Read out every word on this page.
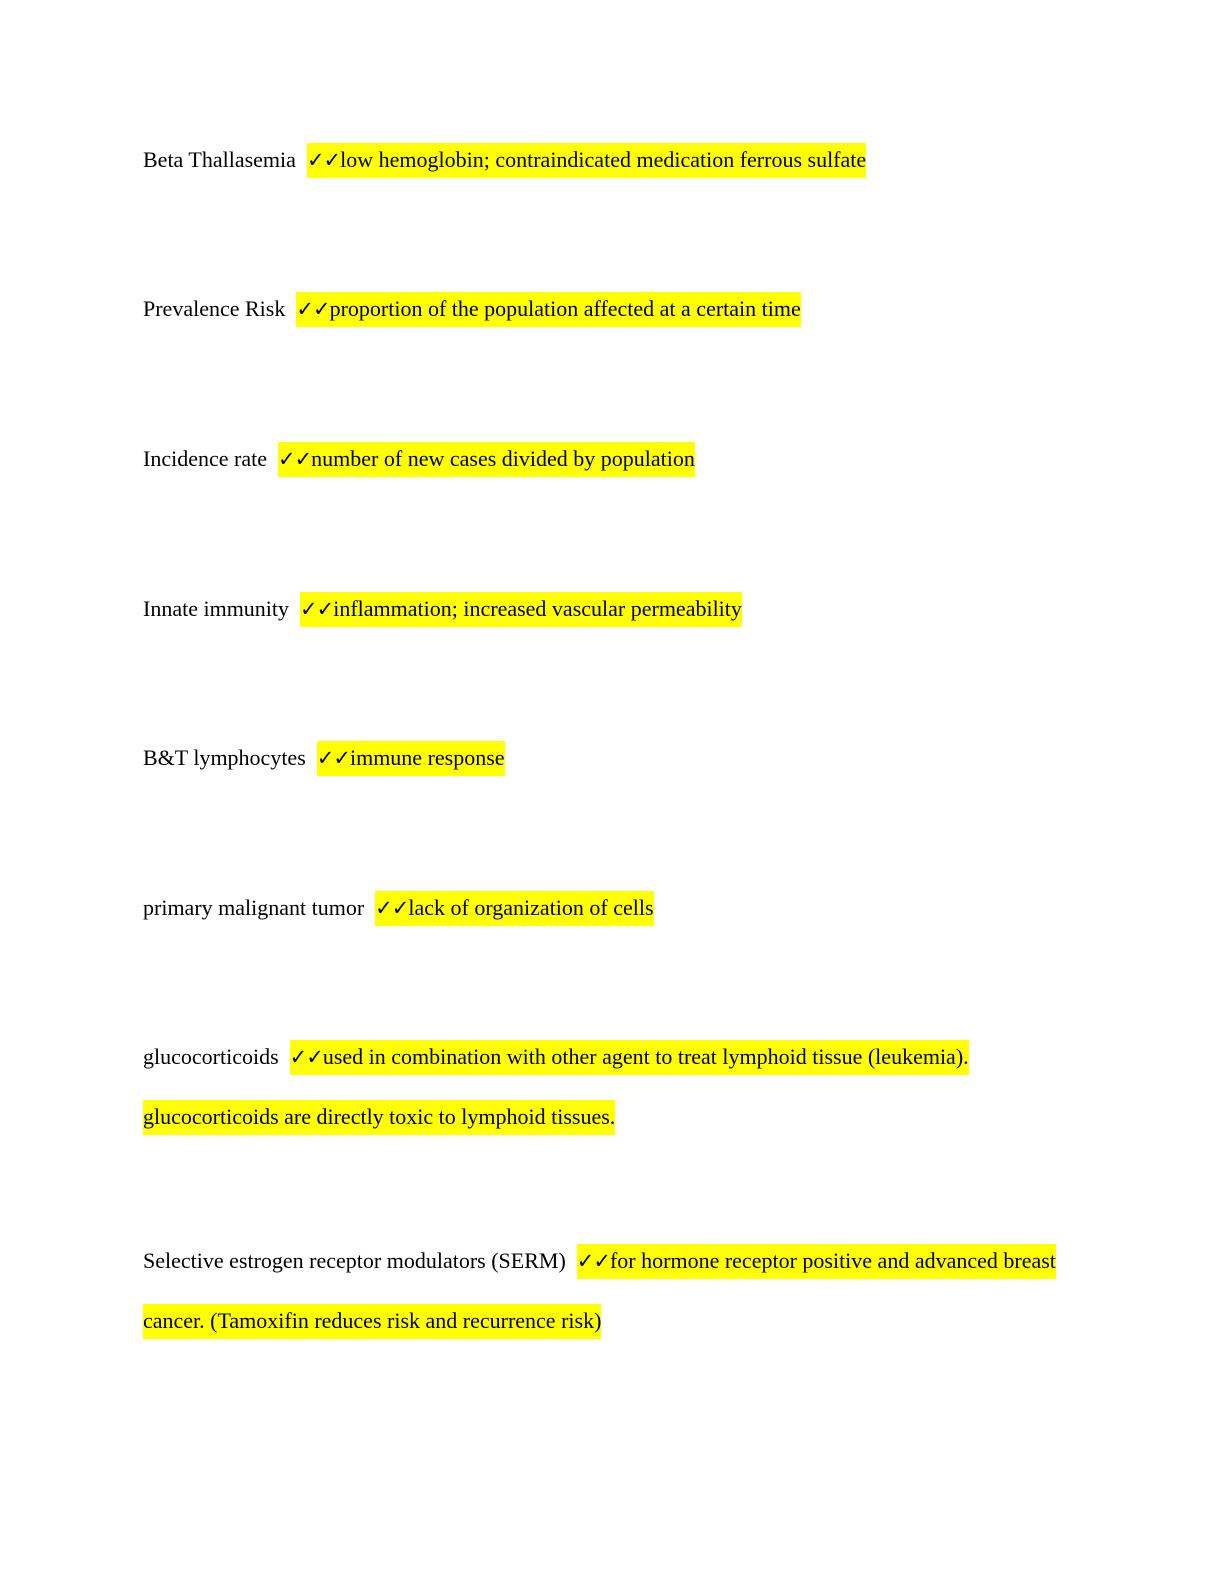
Beta Thallasemia  ✓✓low hemoglobin; contraindicated medication ferrous sulfate
Prevalence Risk  ✓✓proportion of the population affected at a certain time
Incidence rate  ✓✓number of new cases divided by population
Innate immunity  ✓✓inflammation; increased vascular permeability
B&T lymphocytes  ✓✓immune response
primary malignant tumor  ✓✓lack of organization of cells
glucocorticoids  ✓✓used in combination with other agent to treat lymphoid tissue (leukemia). glucocorticoids are directly toxic to lymphoid tissues.
Selective estrogen receptor modulators (SERM)  ✓✓for hormone receptor positive and advanced breast cancer. (Tamoxifin reduces risk and recurrence risk)
